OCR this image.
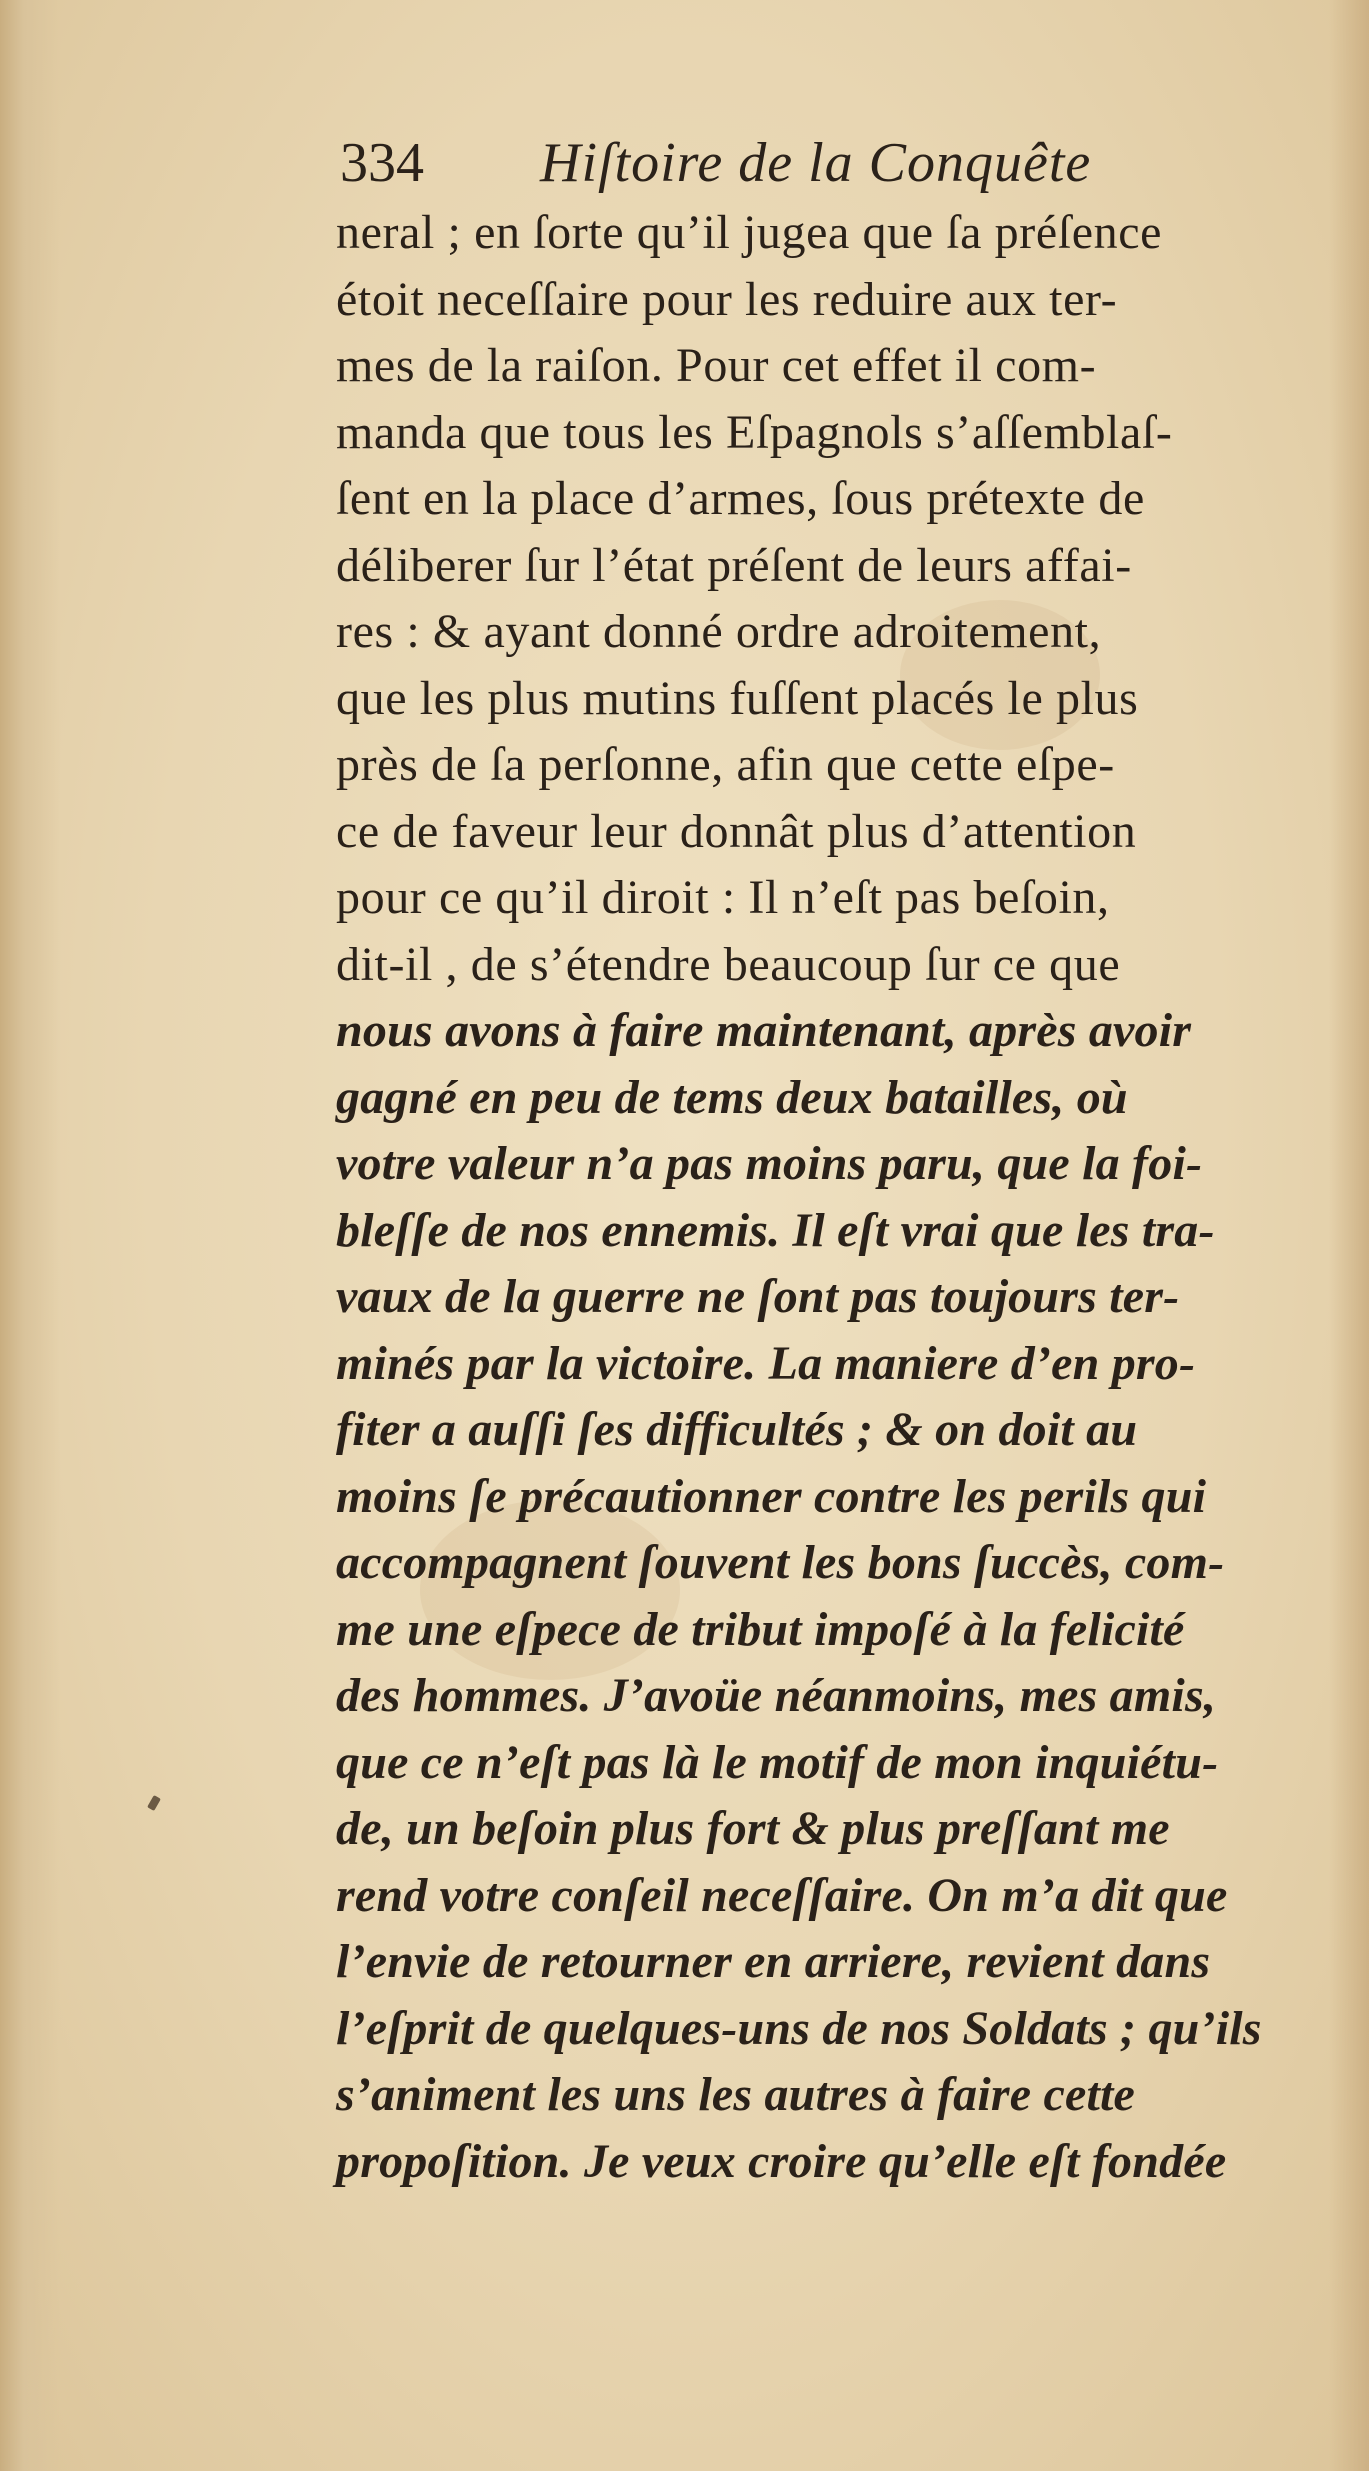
334 Hiſtoire de la Conquête
neral ; en ſorte qu’il jugea que ſa préſence
étoit neceſſaire pour les reduire aux ter-
mes de la raiſon. Pour cet effet il com-
manda que tous les Eſpagnols s’aſſemblaſ-
ſent en la place d’armes, ſous prétexte de
déliberer ſur l’état préſent de leurs affai-
res : & ayant donné ordre adroitement,
que les plus mutins fuſſent placés le plus
près de ſa perſonne, afin que cette eſpe-
ce de faveur leur donnât plus d’attention
pour ce qu’il diroit : Il n’eſt pas beſoin,
dit-il , de s’étendre beaucoup ſur ce que
nous avons à faire maintenant, après avoir
gagné en peu de tems deux batailles, où
votre valeur n’a pas moins paru, que la foi-
bleſſe de nos ennemis. Il eſt vrai que les tra-
vaux de la guerre ne ſont pas toujours ter-
minés par la victoire. La maniere d’en pro-
fiter a auſſi ſes difficultés ; & on doit au
moins ſe précautionner contre les perils qui
accompagnent ſouvent les bons ſuccès, com-
me une eſpece de tribut impoſé à la felicité
des hommes. J’avoüe néanmoins, mes amis,
que ce n’eſt pas là le motif de mon inquiétu-
de, un beſoin plus fort & plus preſſant me
rend votre conſeil neceſſaire. On m’a dit que
l’envie de retourner en arriere, revient dans
l’eſprit de quelques-uns de nos Soldats ; qu’ils
s’animent les uns les autres à faire cette
propoſition. Je veux croire qu’elle eſt fondée
